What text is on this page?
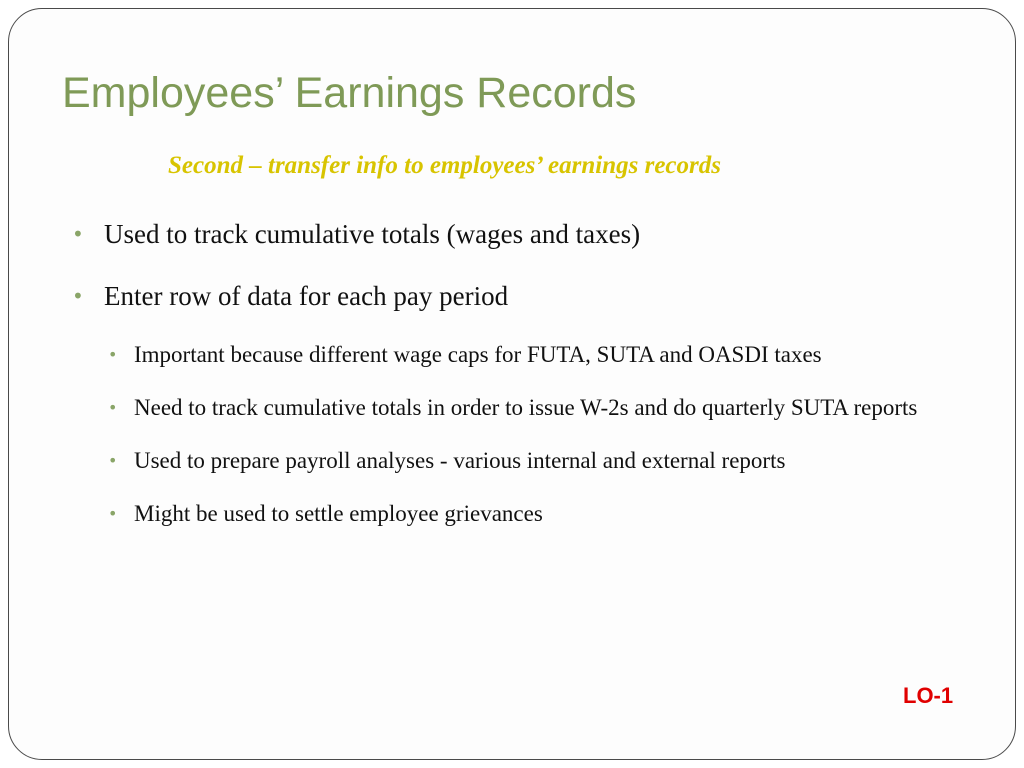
Employees’ Earnings Records
Second – transfer info to employees’ earnings records
• Used to track cumulative totals (wages and taxes)
• Enter row of data for each pay period
• Important because different wage caps for FUTA, SUTA and OASDI taxes
• Need to track cumulative totals in order to issue W-2s and do quarterly SUTA reports
• Used to prepare payroll analyses - various internal and external reports
• Might be used to settle employee grievances
LO-1
